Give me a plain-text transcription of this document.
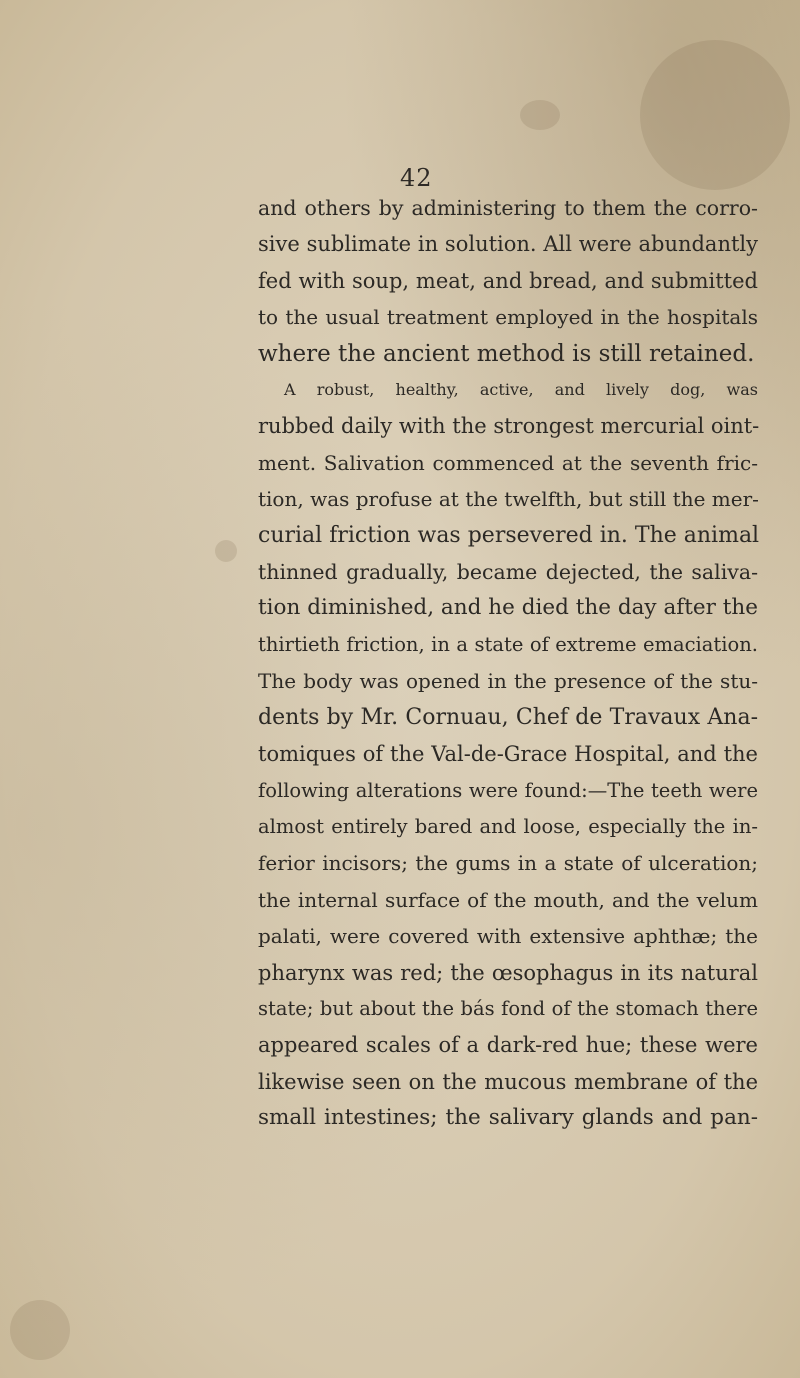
42
and others by administering to them the corro-
sive sublimate in solution. All were abundantly
fed with soup, meat, and bread, and submitted
to the usual treatment employed in the hospitals
where the ancient method is still retained.
A robust, healthy, active, and lively dog, was
rubbed daily with the strongest mercurial oint-
ment. Salivation commenced at the seventh fric-
tion, was profuse at the twelfth, but still the mer-
curial friction was persevered in. The animal
thinned gradually, became dejected, the saliva-
tion diminished, and he died the day after the
thirtieth friction, in a state of extreme emaciation.
The body was opened in the presence of the stu-
dents by Mr. Cornuau, Chef de Travaux Ana-
tomiques of the Val-de-Grace Hospital, and the
following alterations were found:—The teeth were
almost entirely bared and loose, especially the in-
ferior incisors; the gums in a state of ulceration;
the internal surface of the mouth, and the velum
palati, were covered with extensive aphthæ; the
pharynx was red; the œsophagus in its natural
state; but about the bás fond of the stomach there
appeared scales of a dark-red hue; these were
likewise seen on the mucous membrane of the
small intestines; the salivary glands and pan-
